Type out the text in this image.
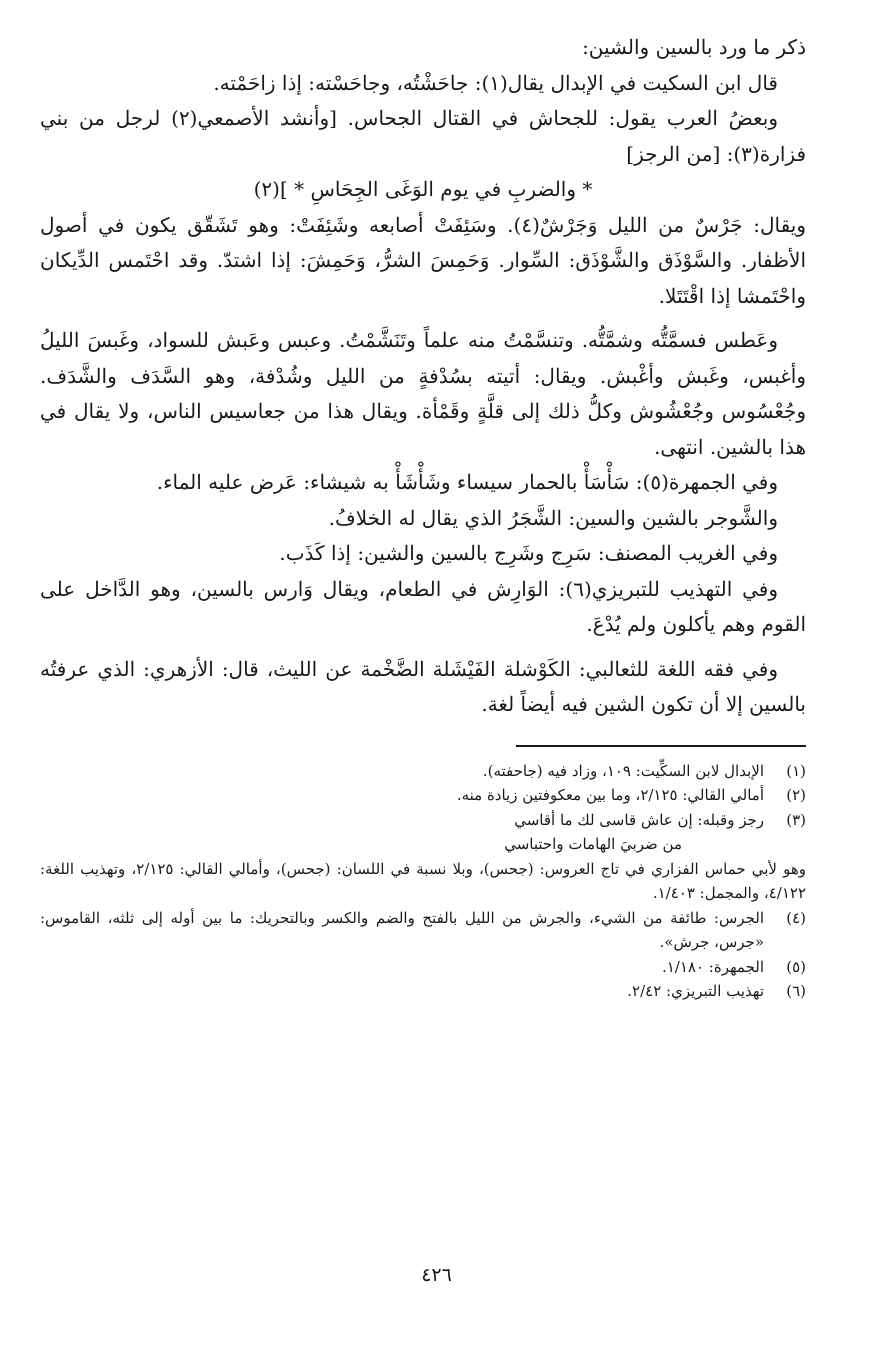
ذكر ما ورد بالسين والشين:

قال ابن السكيت في الإبدال يقال(١): جاحَشْتُه، وجاحَسْته: إذا زاحَمْته.

وبعضُ العرب يقول: للجحاش في القتال الجحاس. [وأنشد الأصمعي(٢) لرجل من بني فزارة(٣): [من الرجز]

* والضربِ في يوم الوَغَى الجِحَاسِ * ](٢)

ويقال: جَرْسٌ من الليل وَجَرْشٌ(٤). وسَئِفَتْ أصابعه وشَئِفَتْ: وهو تَشَقّق يكون في أصول الأظفار. والسَّوْذَق والشَّوْذَق: السِّوار. وَحَمِسَ الشرُّ، وَحَمِشَ: إذا اشتدّ. وقد احْتَمس الدِّيكان واحْتَمشا إذا اقْتَتَلا.

وعَطس فسمَّتُّه وشمَّتُّه. وتنسَّمْتُ منه علماً وتَنَشَّمْتُ. وعبس وعَبش للسواد، وغَبسَ الليلُ وأغبس، وغَبش وأغْبش. ويقال: أتيته بسُدْفةٍ من الليل وشُدْفة، وهو السَّدَف والشَّدَف. وجُعْسُوس وجُعْشُوش وكلُّ ذلك إلى قلَّةٍ وقَمْأة. ويقال هذا من جعاسيس الناس، ولا يقال في هذا بالشين. انتهى.

وفي الجمهرة(٥): سَأْسَأْ بالحمار سيساء وشَأْشَأْ به شيشاء: عَرض عليه الماء.

والشَّوجر بالشين والسين: الشَّجَرُ الذي يقال له الخلافُ.

وفي الغريب المصنف: سَرِج وشَرِج بالسين والشين: إذا كَذَب.

وفي التهذيب للتبريزي(٦): الوَارِش في الطعام، ويقال وَارس بالسين، وهو الدَّاخل على القوم وهم يأكلون ولم يُدْعَ.

وفي فقه اللغة للثعالبي: الكَوْشلة الفَيْشَلة الضَّخْمة عن الليث، قال: الأزهري: الذي عرفتُه بالسين إلا أن تكون الشين فيه أيضاً لغة.

(١)
الإبدال لابن السكِّيت: ١٠٩، وزاد فيه (جاحفته).
(٢)
أمالي القالي: ٢/١٢٥، وما بين معكوفتين زيادة منه.
(٣)
رجز وقبله: إن عاش قاسى لك ما أقاسي
من ضربيَ الهامات واحتباسي
وهو لأبي حماس الفزاري في تاج العروس: (جحس)، وبلا نسبة في اللسان: (جحس)، وأمالي القالي: ٢/١٢٥، وتهذيب اللغة: ٤/١٢٢، والمجمل: ١/٤٠٣.
(٤)
الجرس: طائفة من الشيء، والجرش من الليل بالفتح والضم والكسر وبالتحريك: ما بين أوله إلى ثلثه، القاموس: «جرس، جرش».
(٥)
الجمهرة: ١/١٨٠.
(٦)
تهذيب التبريزي: ٢/٤٢.
٤٢٦
